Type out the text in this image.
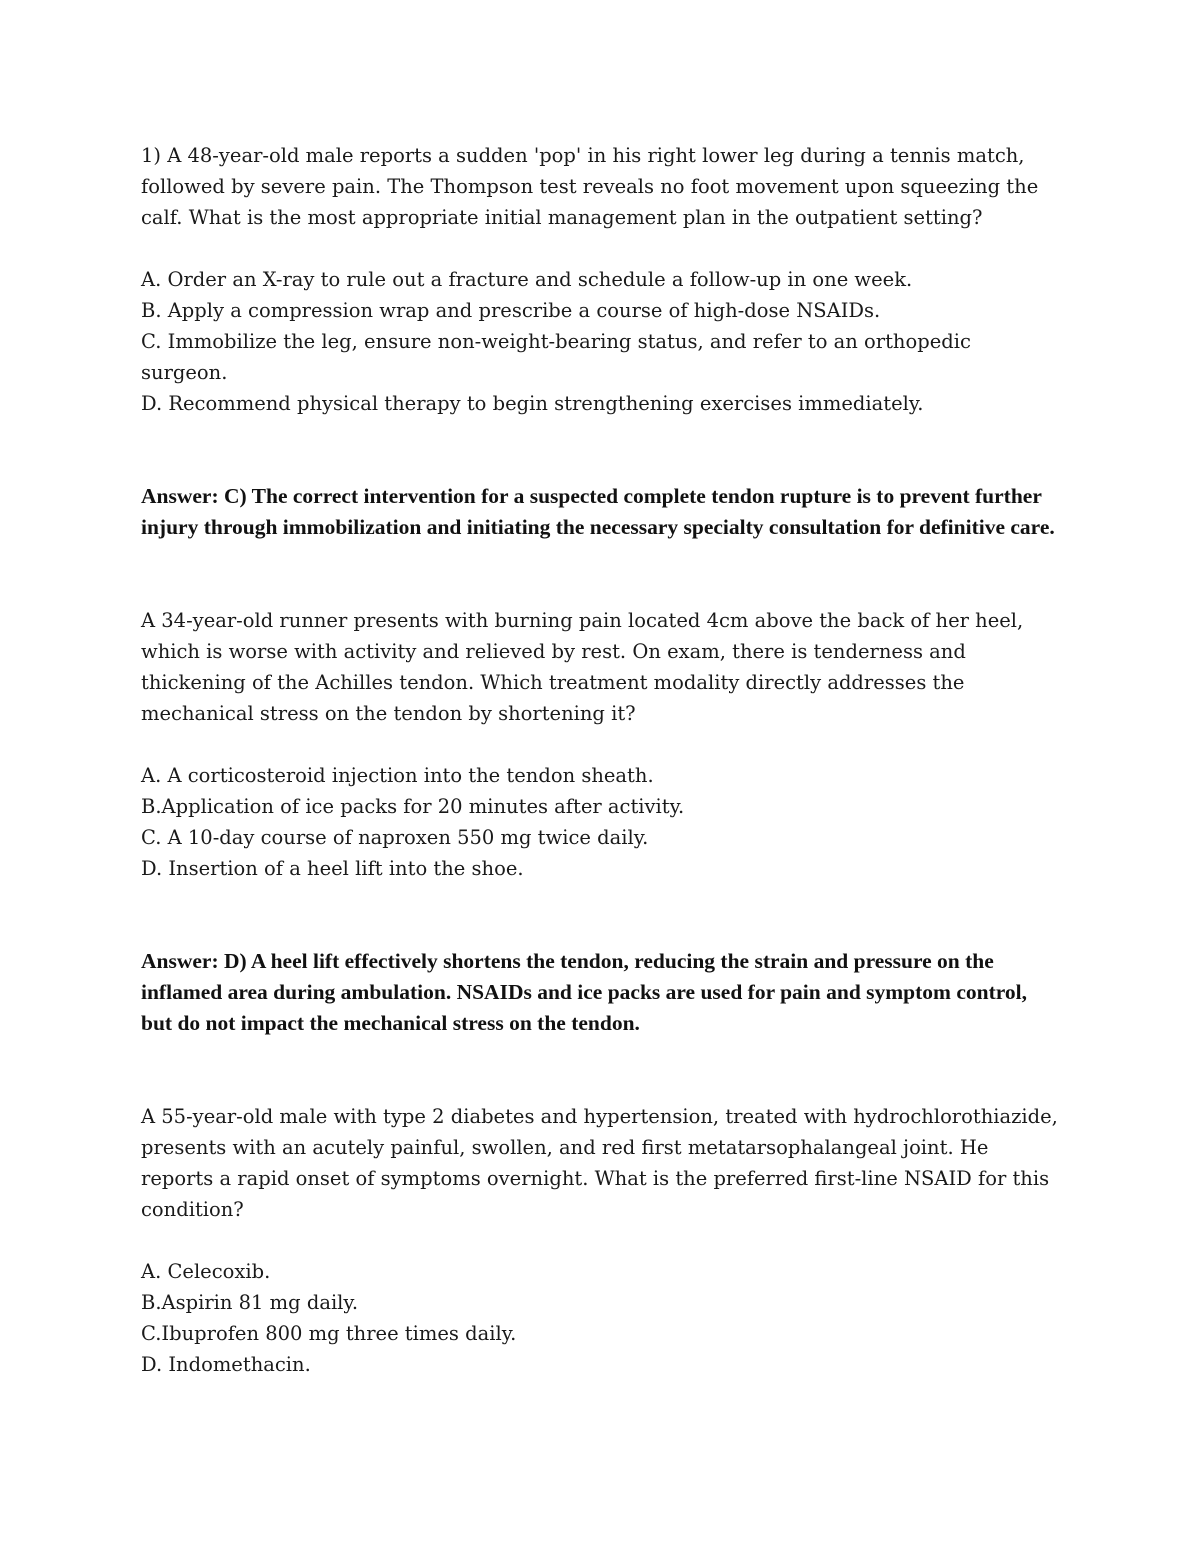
1) A 48-year-old male reports a sudden 'pop' in his right lower leg during a tennis match, followed by severe pain. The Thompson test reveals no foot movement upon squeezing the calf. What is the most appropriate initial management plan in the outpatient setting?

A. Order an X-ray to rule out a fracture and schedule a follow-up in one week.
B. Apply a compression wrap and prescribe a course of high-dose NSAIDs.
C. Immobilize the leg, ensure non-weight-bearing status, and refer to an orthopedic surgeon.
D. Recommend physical therapy to begin strengthening exercises immediately.

Answer: C) The correct intervention for a suspected complete tendon rupture is to prevent further injury through immobilization and initiating the necessary specialty consultation for definitive care.

A 34-year-old runner presents with burning pain located 4cm above the back of her heel, which is worse with activity and relieved by rest. On exam, there is tenderness and thickening of the Achilles tendon. Which treatment modality directly addresses the mechanical stress on the tendon by shortening it?

A. A corticosteroid injection into the tendon sheath.
B.Application of ice packs for 20 minutes after activity.
C. A 10-day course of naproxen 550 mg twice daily.
D. Insertion of a heel lift into the shoe.

Answer: D) A heel lift effectively shortens the tendon, reducing the strain and pressure on the inflamed area during ambulation. NSAIDs and ice packs are used for pain and symptom control, but do not impact the mechanical stress on the tendon.

A 55-year-old male with type 2 diabetes and hypertension, treated with hydrochlorothiazide, presents with an acutely painful, swollen, and red first metatarsophalangeal joint. He reports a rapid onset of symptoms overnight. What is the preferred first-line NSAID for this condition?

A. Celecoxib.
B.Aspirin 81 mg daily.
C.Ibuprofen 800 mg three times daily.
D. Indomethacin.
